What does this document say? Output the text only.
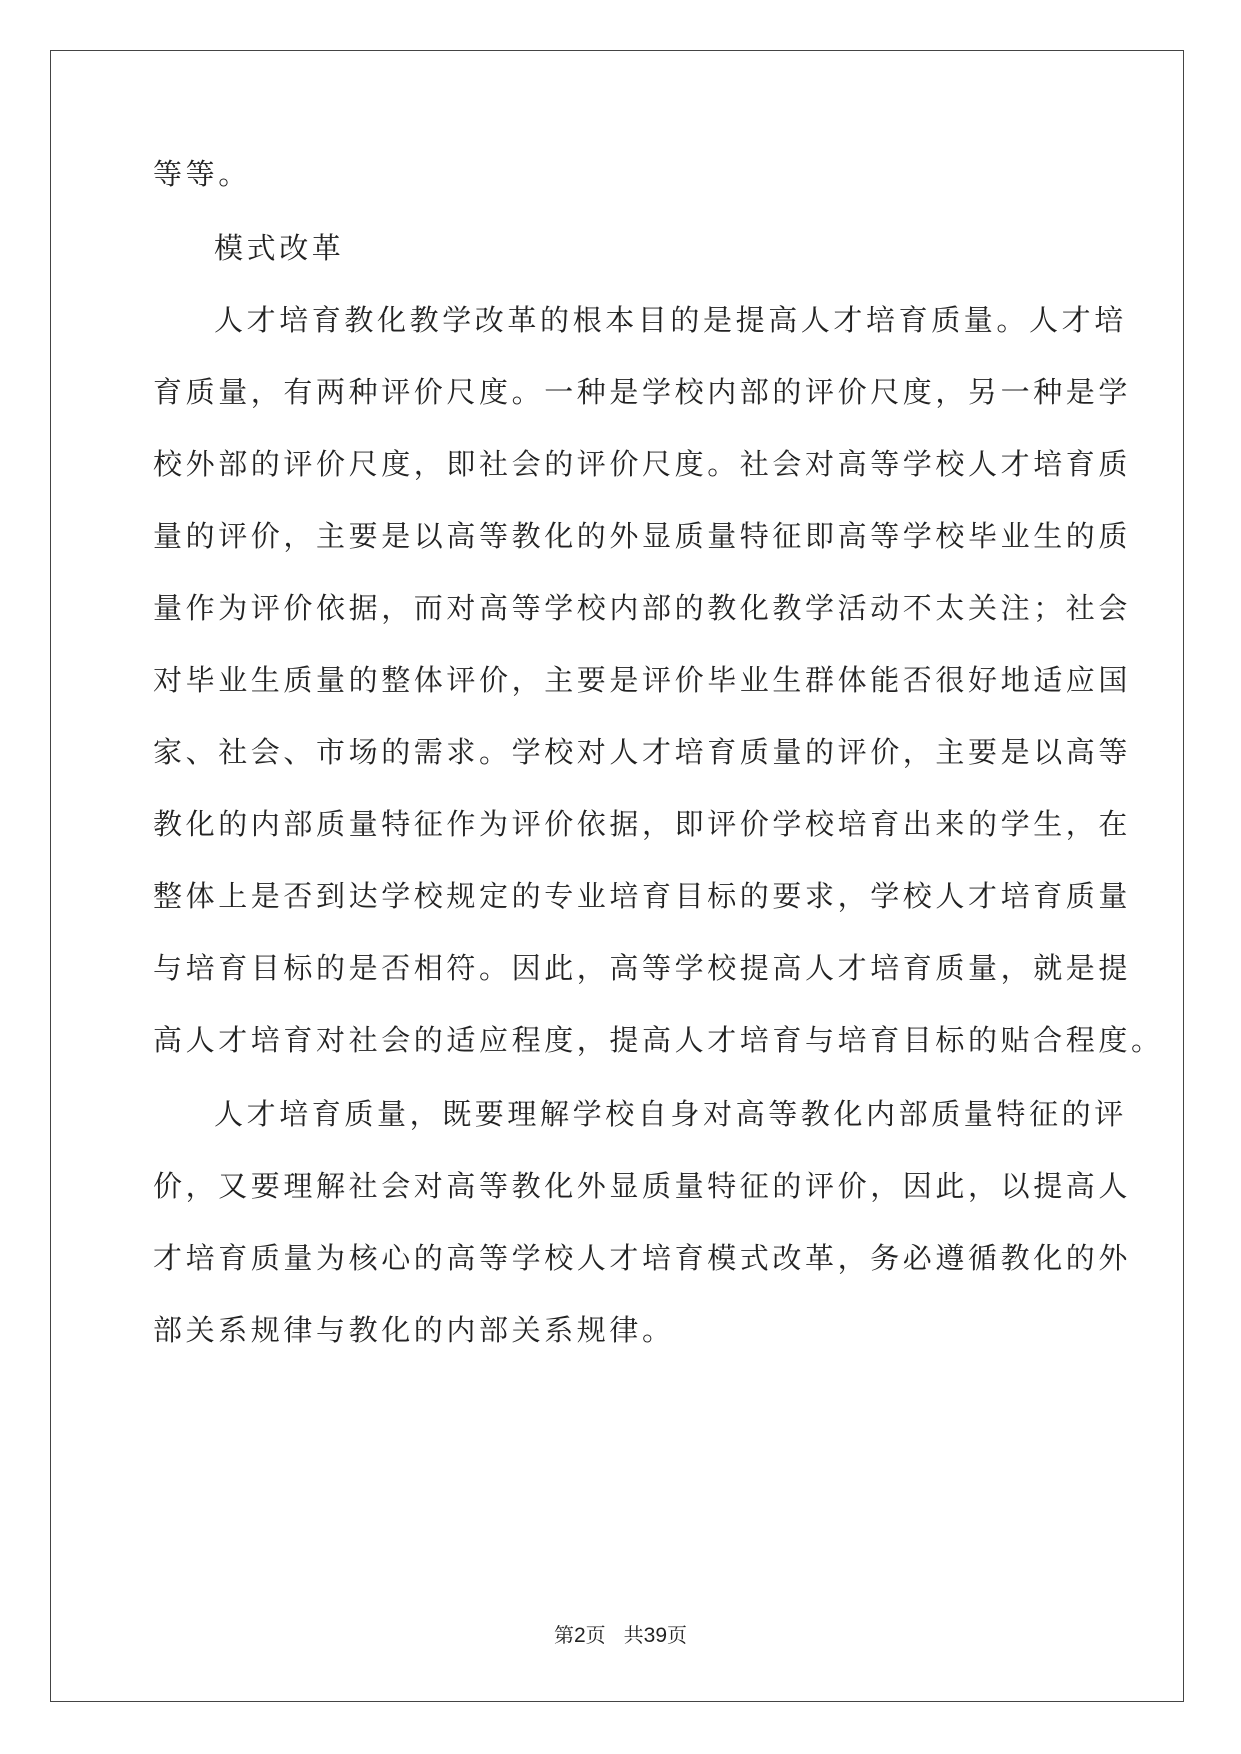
等等。
模式改革
人才培育教化教学改革的根本目的是提高人才培育质量。人才培
育质量，有两种评价尺度。一种是学校内部的评价尺度，另一种是学
校外部的评价尺度，即社会的评价尺度。社会对高等学校人才培育质
量的评价，主要是以高等教化的外显质量特征即高等学校毕业生的质
量作为评价依据，而对高等学校内部的教化教学活动不太关注；社会
对毕业生质量的整体评价，主要是评价毕业生群体能否很好地适应国
家、社会、市场的需求。学校对人才培育质量的评价，主要是以高等
教化的内部质量特征作为评价依据，即评价学校培育出来的学生，在
整体上是否到达学校规定的专业培育目标的要求，学校人才培育质量
与培育目标的是否相符。因此，高等学校提高人才培育质量，就是提
高人才培育对社会的适应程度，提高人才培育与培育目标的贴合程度。
人才培育质量，既要理解学校自身对高等教化内部质量特征的评
价，又要理解社会对高等教化外显质量特征的评价，因此，以提高人
才培育质量为核心的高等学校人才培育模式改革，务必遵循教化的外
部关系规律与教化的内部关系规律。
第2页 共39页
